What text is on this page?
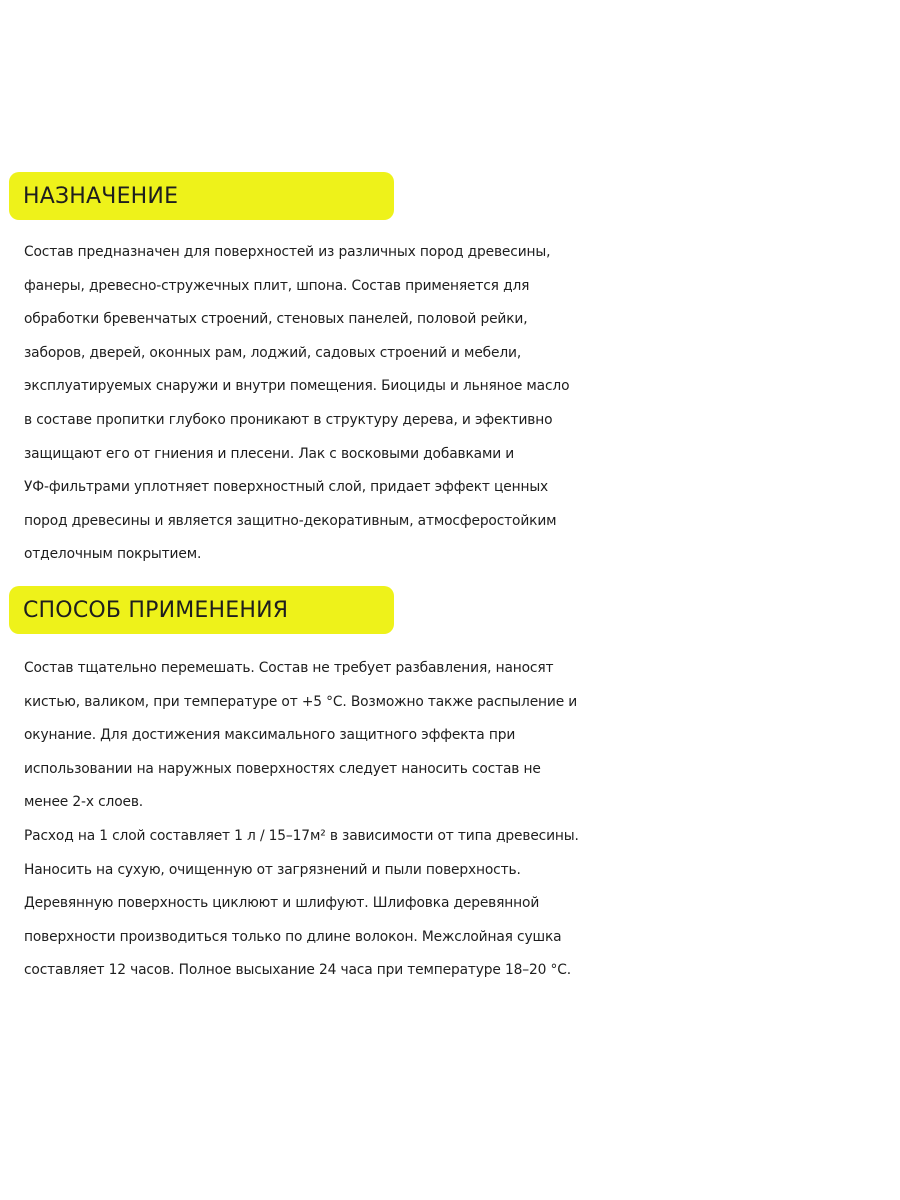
НАЗНАЧЕНИЕ
Состав предназначен для поверхностей из различных пород древесины,
фанеры, древесно-стружечных плит, шпона. Состав применяется для
обработки бревенчатых строений, стеновых панелей, половой рейки,
заборов, дверей, оконных рам, лоджий, садовых строений и мебели,
эксплуатируемых снаружи и внутри помещения. Биоциды и льняное масло
в составе пропитки глубоко проникают в структуру дерева, и эфективно
защищают его от гниения и плесени. Лак с восковыми добавками и
УФ-фильтрами уплотняет поверхностный слой, придает эффект ценных
пород древесины и является защитно-декоративным, атмосферостойким
отделочным покрытием.
СПОСОБ ПРИМЕНЕНИЯ
Состав тщательно перемешать. Состав не требует разбавления, наносят
кистью, валиком, при температуре от +5 °С. Возможно также распыление и
окунание. Для достижения максимального защитного эффекта при
использовании на наружных поверхностях следует наносить состав не
менее 2-х слоев.
Расход на 1 слой составляет 1 л / 15–17м² в зависимости от типа древесины.
Наносить на сухую, очищенную от загрязнений и пыли поверхность.
Деревянную поверхность циклюют и шлифуют. Шлифовка деревянной
поверхности производиться только по длине волокон. Межслойная сушка
составляет 12 часов. Полное высыхание 24 часа при температуре 18–20 °С.
